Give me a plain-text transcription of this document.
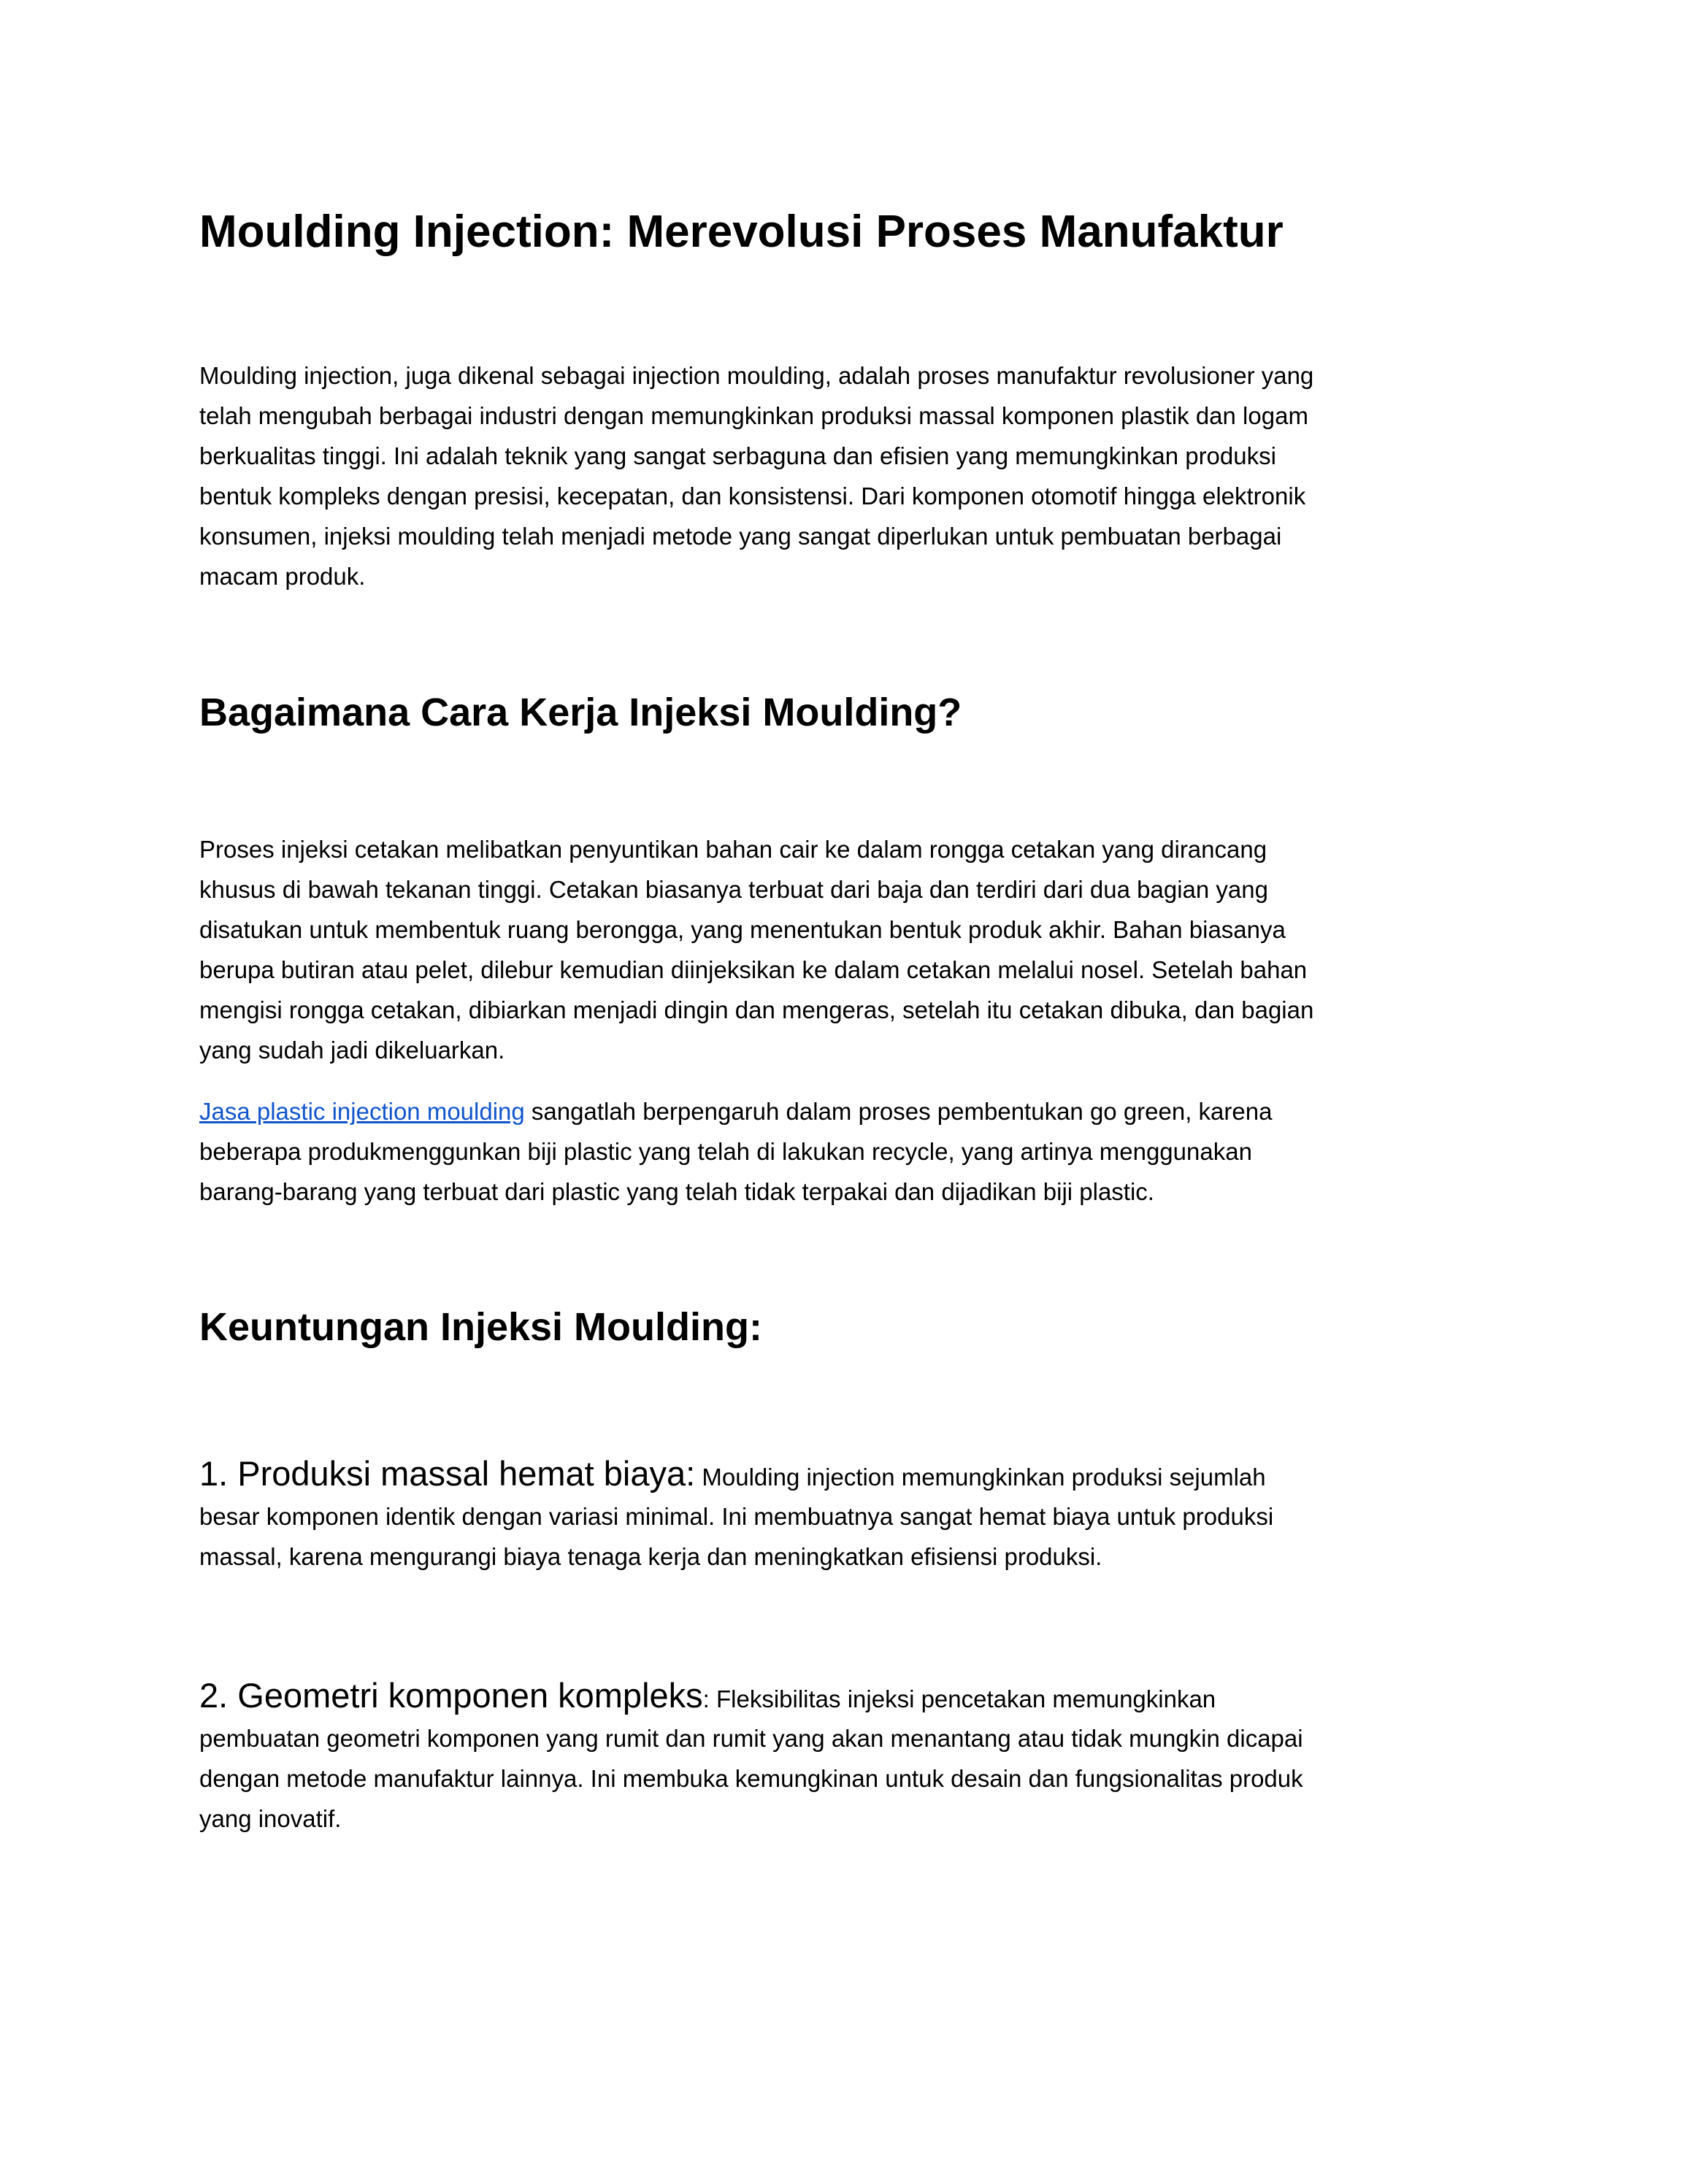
Moulding Injection: Merevolusi Proses Manufaktur
Moulding injection, juga dikenal sebagai injection moulding, adalah proses manufaktur revolusioner yang
telah mengubah berbagai industri dengan memungkinkan produksi massal komponen plastik dan logam
berkualitas tinggi. Ini adalah teknik yang sangat serbaguna dan efisien yang memungkinkan produksi
bentuk kompleks dengan presisi, kecepatan, dan konsistensi. Dari komponen otomotif hingga elektronik
konsumen, injeksi moulding telah menjadi metode yang sangat diperlukan untuk pembuatan berbagai
macam produk.
Bagaimana Cara Kerja Injeksi Moulding?
Proses injeksi cetakan melibatkan penyuntikan bahan cair ke dalam rongga cetakan yang dirancang
khusus di bawah tekanan tinggi. Cetakan biasanya terbuat dari baja dan terdiri dari dua bagian yang
disatukan untuk membentuk ruang berongga, yang menentukan bentuk produk akhir. Bahan biasanya
berupa butiran atau pelet, dilebur kemudian diinjeksikan ke dalam cetakan melalui nosel. Setelah bahan
mengisi rongga cetakan, dibiarkan menjadi dingin dan mengeras, setelah itu cetakan dibuka, dan bagian
yang sudah jadi dikeluarkan.
Jasa plastic injection moulding sangatlah berpengaruh dalam proses pembentukan go green, karena
beberapa produkmenggunkan biji plastic yang telah di lakukan recycle, yang artinya menggunakan
barang-barang yang terbuat dari plastic yang telah tidak terpakai dan dijadikan biji plastic.
Keuntungan Injeksi Moulding:
1. Produksi massal hemat biaya: Moulding injection memungkinkan produksi sejumlah
besar komponen identik dengan variasi minimal. Ini membuatnya sangat hemat biaya untuk produksi
massal, karena mengurangi biaya tenaga kerja dan meningkatkan efisiensi produksi.
2. Geometri komponen kompleks: Fleksibilitas injeksi pencetakan memungkinkan
pembuatan geometri komponen yang rumit dan rumit yang akan menantang atau tidak mungkin dicapai
dengan metode manufaktur lainnya. Ini membuka kemungkinan untuk desain dan fungsionalitas produk
yang inovatif.
